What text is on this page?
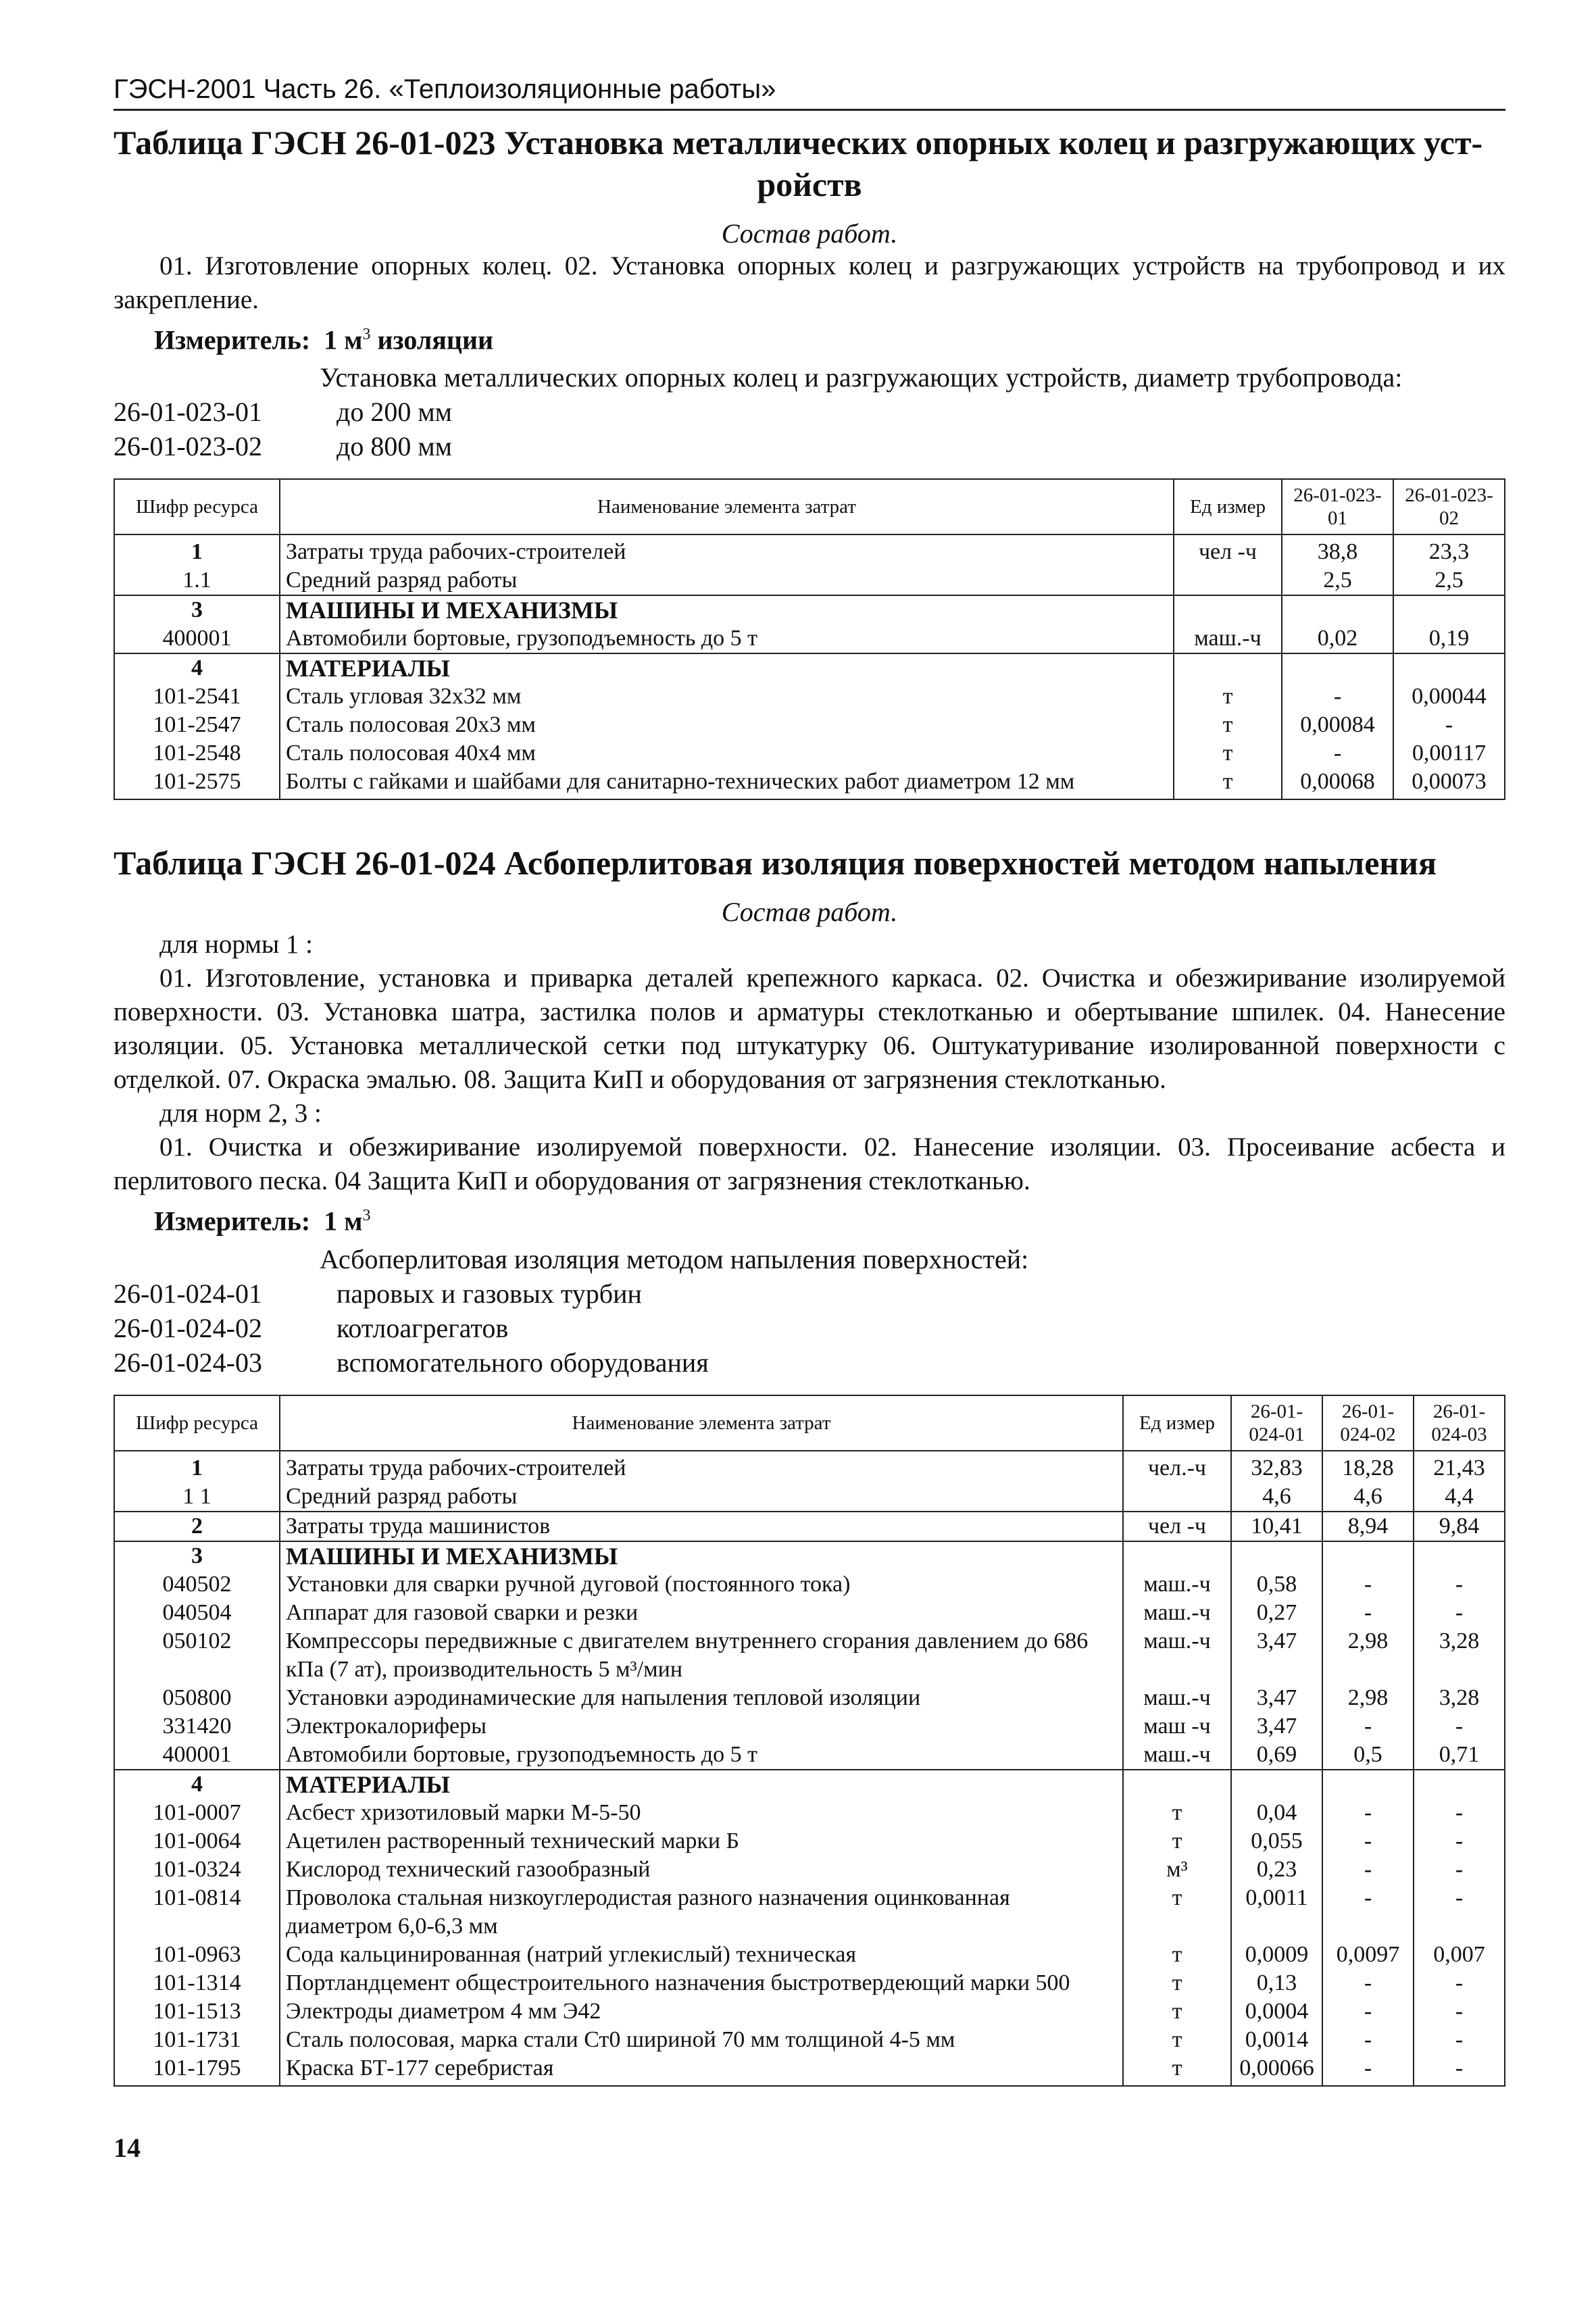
ГЭСН-2001 Часть 26. «Теплоизоляционные работы»
Таблица ГЭСН 26-01-023 Установка металлических опорных колец и разгружающих уст-
ройств
Состав работ.
01. Изготовление опорных колец. 02. Установка опорных колец и разгружающих устройств на трубопровод и их закрепление.
Измеритель: 1 $м^3$ изоляции
Установка металлических опорных колец и разгружающих устройств, диаметр трубопровода:
26-01-023-01	до 200 мм
26-01-023-02	до 800 мм
Шифр ресурса	Наименование элемента затрат	Ед измер	26-01-023-01	26-01-023-02
1	Затраты труда рабочих-строителей	чел -ч	38,8	23,3
1.1	Средний разряд работы		2,5	2,5
3	МАШИНЫ И МЕХАНИЗМЫ			
400001	Автомобили бортовые, грузоподъемность до 5 т	маш.-ч	0,02	0,19
4	МАТЕРИАЛЫ			
101-2541	Сталь угловая 32х32 мм	т	-	0,00044
101-2547	Сталь полосовая 20х3 мм	т	0,00084	-
101-2548	Сталь полосовая 40х4 мм	т	-	0,00117
101-2575	Болты с гайками и шайбами для санитарно-технических работ диаметром 12 мм	т	0,00068	0,00073
Таблица ГЭСН 26-01-024 Асбоперлитовая изоляция поверхностей методом напыления
Состав работ.
для нормы 1 :
01. Изготовление, установка и приварка деталей крепежного каркаса. 02. Очистка и обезжиривание изолируемой поверхности. 03. Установка шатра, застилка полов и арматуры стеклотканью и обертывание шпилек. 04. Нанесение изоляции. 05. Установка металлической сетки под штукатурку 06. Оштукатуривание изолированной поверхности с отделкой. 07. Окраска эмалью. 08. Защита КиП и оборудования от загрязнения стеклотканью.
для норм 2, 3 :
01. Очистка и обезжиривание изолируемой поверхности. 02. Нанесение изоляции. 03. Просеивание асбеста и перлитового песка. 04 Защита КиП и оборудования от загрязнения стеклотканью.
Измеритель: 1 $м^3$
Асбоперлитовая изоляция методом напыления поверхностей:
26-01-024-01	паровых и газовых турбин
26-01-024-02	котлоагрегатов
26-01-024-03	вспомогательного оборудования
Шифр ресурса	Наименование элемента затрат	Ед измер	26-01-024-01	26-01-024-02	26-01-024-03
1	Затраты труда рабочих-строителей	чел.-ч	32,83	18,28	21,43
1 1	Средний разряд работы		4,6	4,6	4,4
2	Затраты труда машинистов	чел -ч	10,41	8,94	9,84
3	МАШИНЫ И МЕХАНИЗМЫ				
040502	Установки для сварки ручной дуговой (постоянного тока)	маш.-ч	0,58	-	-
040504	Аппарат для газовой сварки и резки	маш.-ч	0,27	-	-
050102	Компрессоры передвижные с двигателем внутреннего сгорания давлением до 686 кПа (7 ат), производительность 5 м³/мин	маш.-ч	3,47	2,98	3,28
050800	Установки аэродинамические для напыления тепловой изоляции	маш.-ч	3,47	2,98	3,28
331420	Электрокалориферы	маш -ч	3,47	-	-
400001	Автомобили бортовые, грузоподъемность до 5 т	маш.-ч	0,69	0,5	0,71
4	МАТЕРИАЛЫ				
101-0007	Асбест хризотиловый марки М-5-50	т	0,04	-	-
101-0064	Ацетилен растворенный технический марки Б	т	0,055	-	-
101-0324	Кислород технический газообразный	м³	0,23	-	-
101-0814	Проволока стальная низкоуглеродистая разного назначения оцинкованная диаметром 6,0-6,3 мм	т	0,0011	-	-
101-0963	Сода кальцинированная (натрий углекислый) техническая	т	0,0009	0,0097	0,007
101-1314	Портландцемент общестроительного назначения быстротвердеющий марки 500	т	0,13	-	-
101-1513	Электроды диаметром 4 мм Э42	т	0,0004	-	-
101-1731	Сталь полосовая, марка стали Ст0 шириной 70 мм толщиной 4-5 мм	т	0,0014	-	-
101-1795	Краска БТ-177 серебристая	т	0,00066	-	-
14
